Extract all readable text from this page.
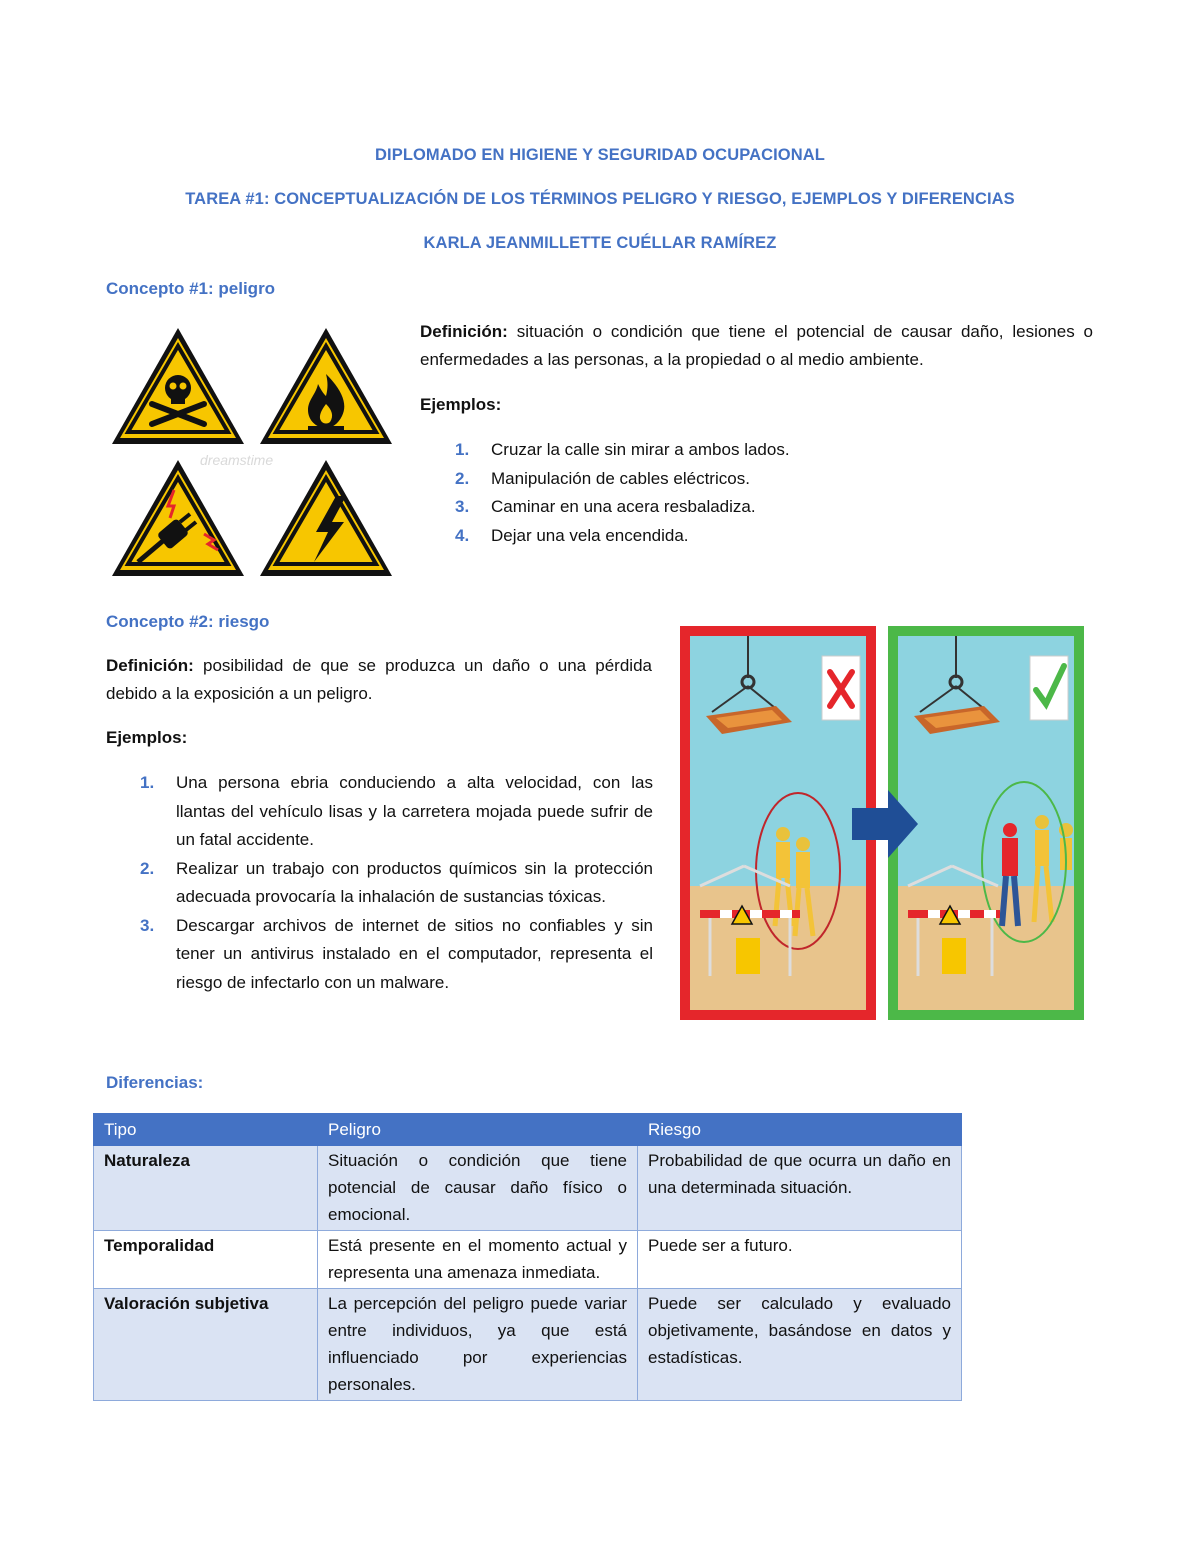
DIPLOMADO EN HIGIENE Y SEGURIDAD OCUPACIONAL
TAREA #1: CONCEPTUALIZACIÓN DE LOS TÉRMINOS PELIGRO Y RIESGO, EJEMPLOS Y DIFERENCIAS
KARLA JEANMILLETTE CUÉLLAR RAMÍREZ
Concepto #1: peligro
dreamstime
Definición: situación o condición que tiene el potencial de causar daño, lesiones o enfermedades a las personas, a la propiedad o al medio ambiente.
Ejemplos:
1. Cruzar la calle sin mirar a ambos lados.
2. Manipulación de cables eléctricos.
3. Caminar en una acera resbaladiza.
4. Dejar una vela encendida.
Concepto #2: riesgo
Definición: posibilidad de que se produzca un daño o una pérdida debido a la exposición a un peligro.
Ejemplos:
1. Una persona ebria conduciendo a alta velocidad, con las llantas del vehículo lisas y la carretera mojada puede sufrir de un fatal accidente.
2. Realizar un trabajo con productos químicos sin la protección adecuada provocaría la inhalación de sustancias tóxicas.
3. Descargar archivos de internet de sitios no confiables y sin tener un antivirus instalado en el computador, representa el riesgo de infectarlo con un malware.
Diferencias:
Tipo	Peligro	Riesgo
Naturaleza	Situación o condición que tiene potencial de causar daño físico o emocional.	Probabilidad de que ocurra un daño en una determinada situación.
Temporalidad	Está presente en el momento actual y representa una amenaza inmediata.	Puede ser a futuro.
Valoración subjetiva	La percepción del peligro puede variar entre individuos, ya que está influenciado por experiencias personales.	Puede ser calculado y evaluado objetivamente, basándose en datos y estadísticas.
